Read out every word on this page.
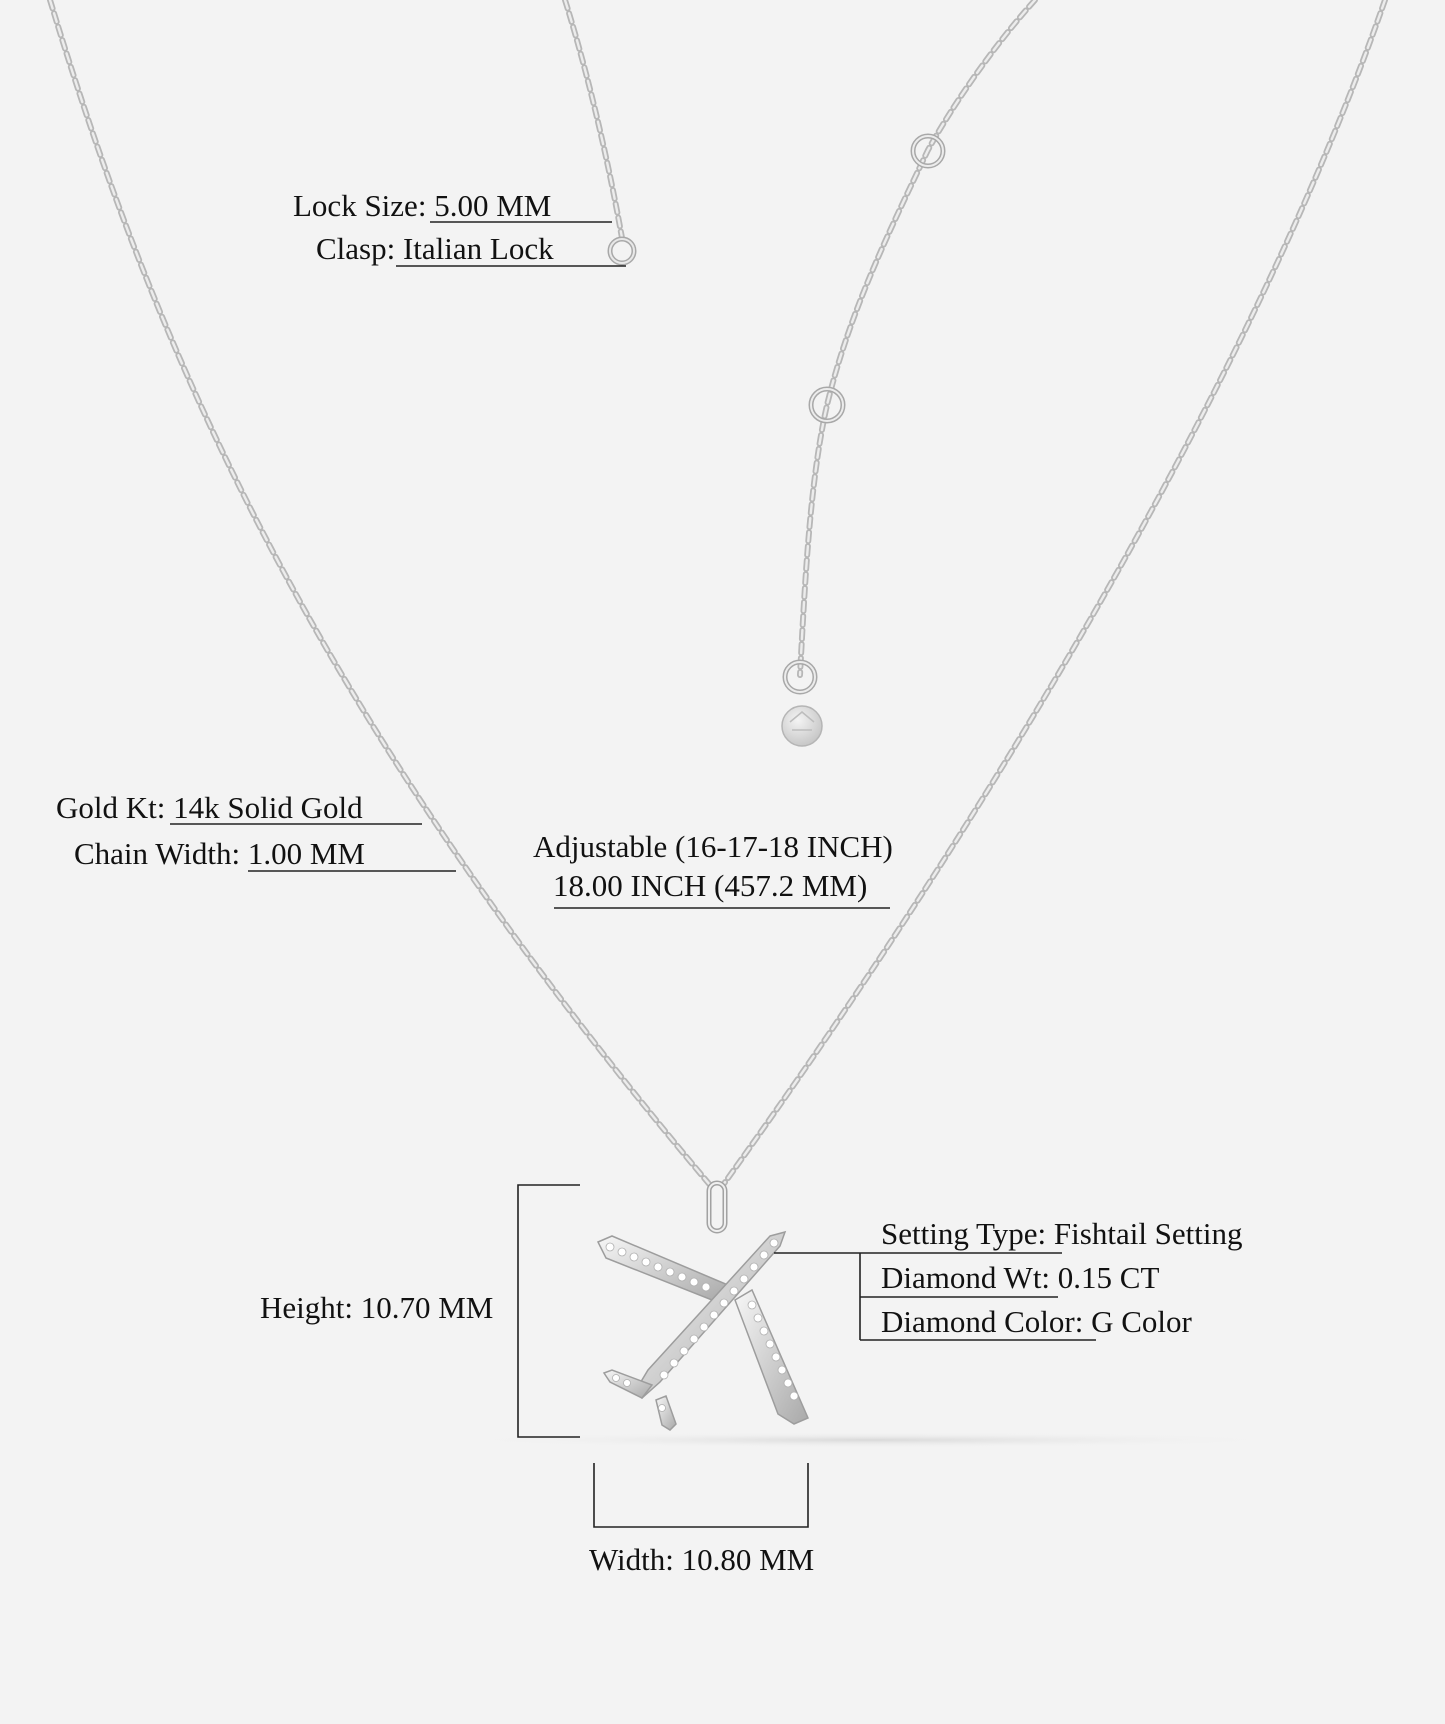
Lock Size: 5.00 MM
Clasp: Italian Lock
Gold Kt: 14k Solid Gold
Chain Width: 1.00 MM	Adjustable (16-17-18 INCH)
18.00 INCH (457.2 MM)
Setting Type: Fishtail Setting
Diamond Wt: 0.15 CT
Diamond Color: G Color
Height: 10.70 MM
Width: 10.80 MM
